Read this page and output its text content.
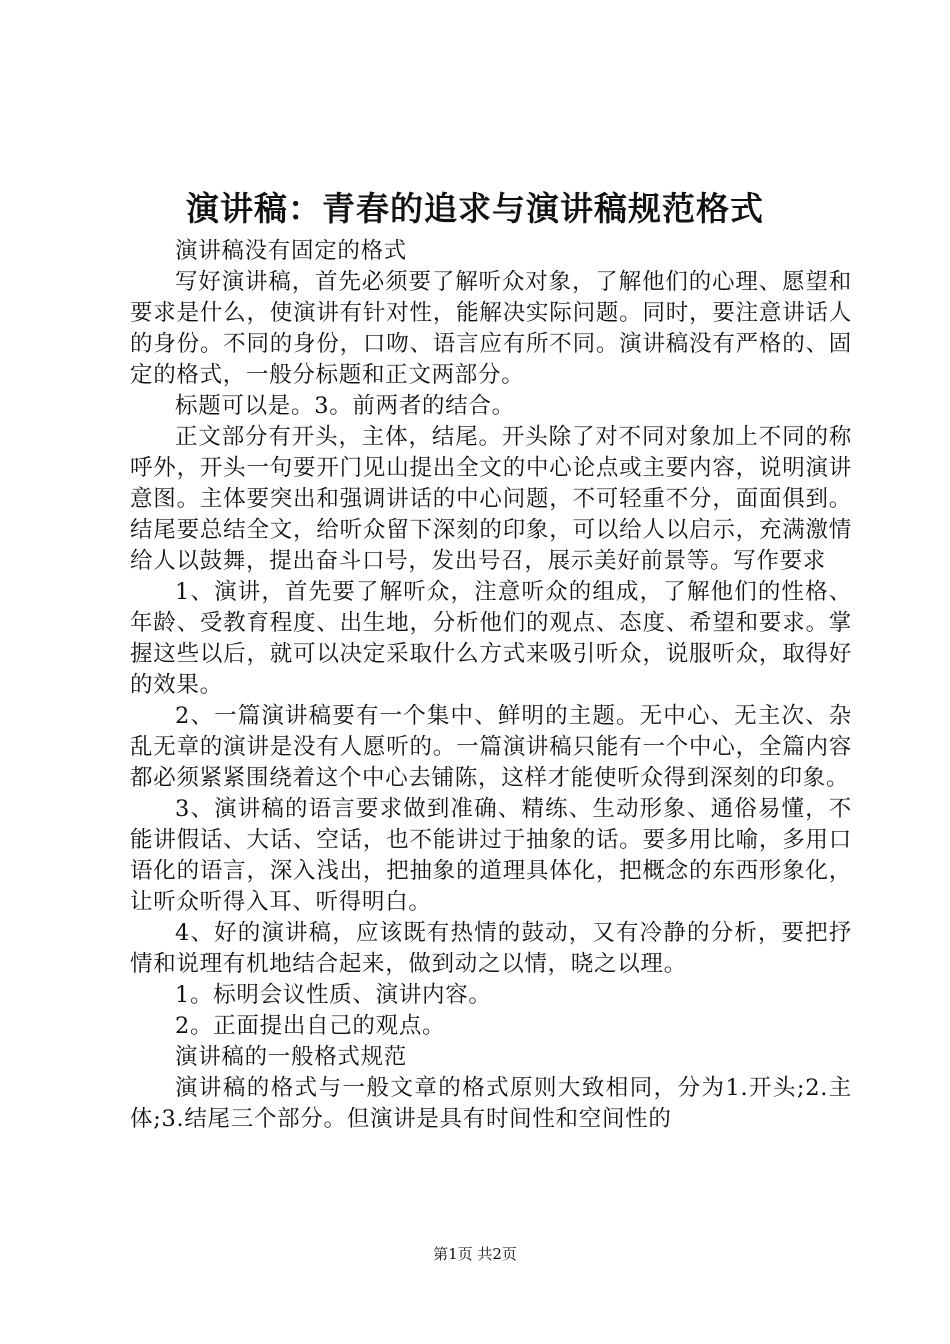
演讲稿：青春的追求与演讲稿规范格式

演讲稿没有固定的格式

写好演讲稿，首先必须要了解听众对象，了解他们的心理、愿望和要求是什么，使演讲有针对性，能解决实际问题。同时，要注意讲话人的身份。不同的身份，口吻、语言应有所不同。演讲稿没有严格的、固定的格式，一般分标题和正文两部分。

标题可以是。3。前两者的结合。

正文部分有开头，主体，结尾。开头除了对不同对象加上不同的称呼外，开头一句要开门见山提出全文的中心论点或主要内容，说明演讲意图。主体要突出和强调讲话的中心问题，不可轻重不分，面面俱到。结尾要总结全文，给听众留下深刻的印象，可以给人以启示，充满激情给人以鼓舞，提出奋斗口号，发出号召，展示美好前景等。写作要求

1、演讲，首先要了解听众，注意听众的组成，了解他们的性格、年龄、受教育程度、出生地，分析他们的观点、态度、希望和要求。掌握这些以后，就可以决定采取什么方式来吸引听众，说服听众，取得好的效果。

2、一篇演讲稿要有一个集中、鲜明的主题。无中心、无主次、杂乱无章的演讲是没有人愿听的。一篇演讲稿只能有一个中心，全篇内容都必须紧紧围绕着这个中心去铺陈，这样才能使听众得到深刻的印象。

3、演讲稿的语言要求做到准确、精练、生动形象、通俗易懂，不能讲假话、大话、空话，也不能讲过于抽象的话。要多用比喻，多用口语化的语言，深入浅出，把抽象的道理具体化，把概念的东西形象化，让听众听得入耳、听得明白。

4、好的演讲稿，应该既有热情的鼓动，又有冷静的分析，要把抒情和说理有机地结合起来，做到动之以情，晓之以理。

1。标明会议性质、演讲内容。

2。正面提出自己的观点。

演讲稿的一般格式规范

演讲稿的格式与一般文章的格式原则大致相同，分为1.开头;2.主体;3.结尾三个部分。但演讲是具有时间性和空间性的

第1页 共2页
